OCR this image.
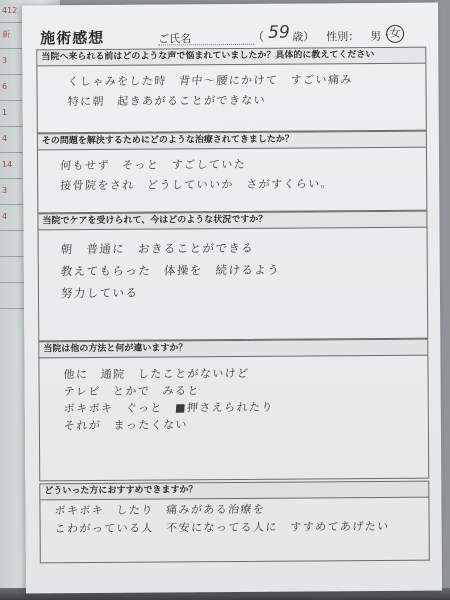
412
新
3
6
1
4
14
3
4
施術感想	ご氏名	（ 59 歳） 性別： 男 ・
女
当院へ来られる前はどのような声で悩まれていましたか？具体的に教えてください
くしゃみをした時　背中〜腰にかけて　すごい痛み
特に朝　起きあがることができない
その問題を解決するためにどのような治療されてきましたか？
何もせず　そっと　すごしていた
接骨院をされ　どうしていいか　さがすくらい。
当院でケアを受けられて、今はどのような状況ですか？
朝　普通に　おきることができる
教えてもらった　体操を　続けるよう
努力している
当院は他の方法と何が違いますか？
他に　通院　したことがないけど
テレビ　とかで　みると
ボキボキ　ぐっと　■押さえられたり
それが　まったくない
どういった方におすすめできますか？
ボキボキ　したり　痛みがある治療を
こわがっている人　不安になってる人に　すすめてあげたい
